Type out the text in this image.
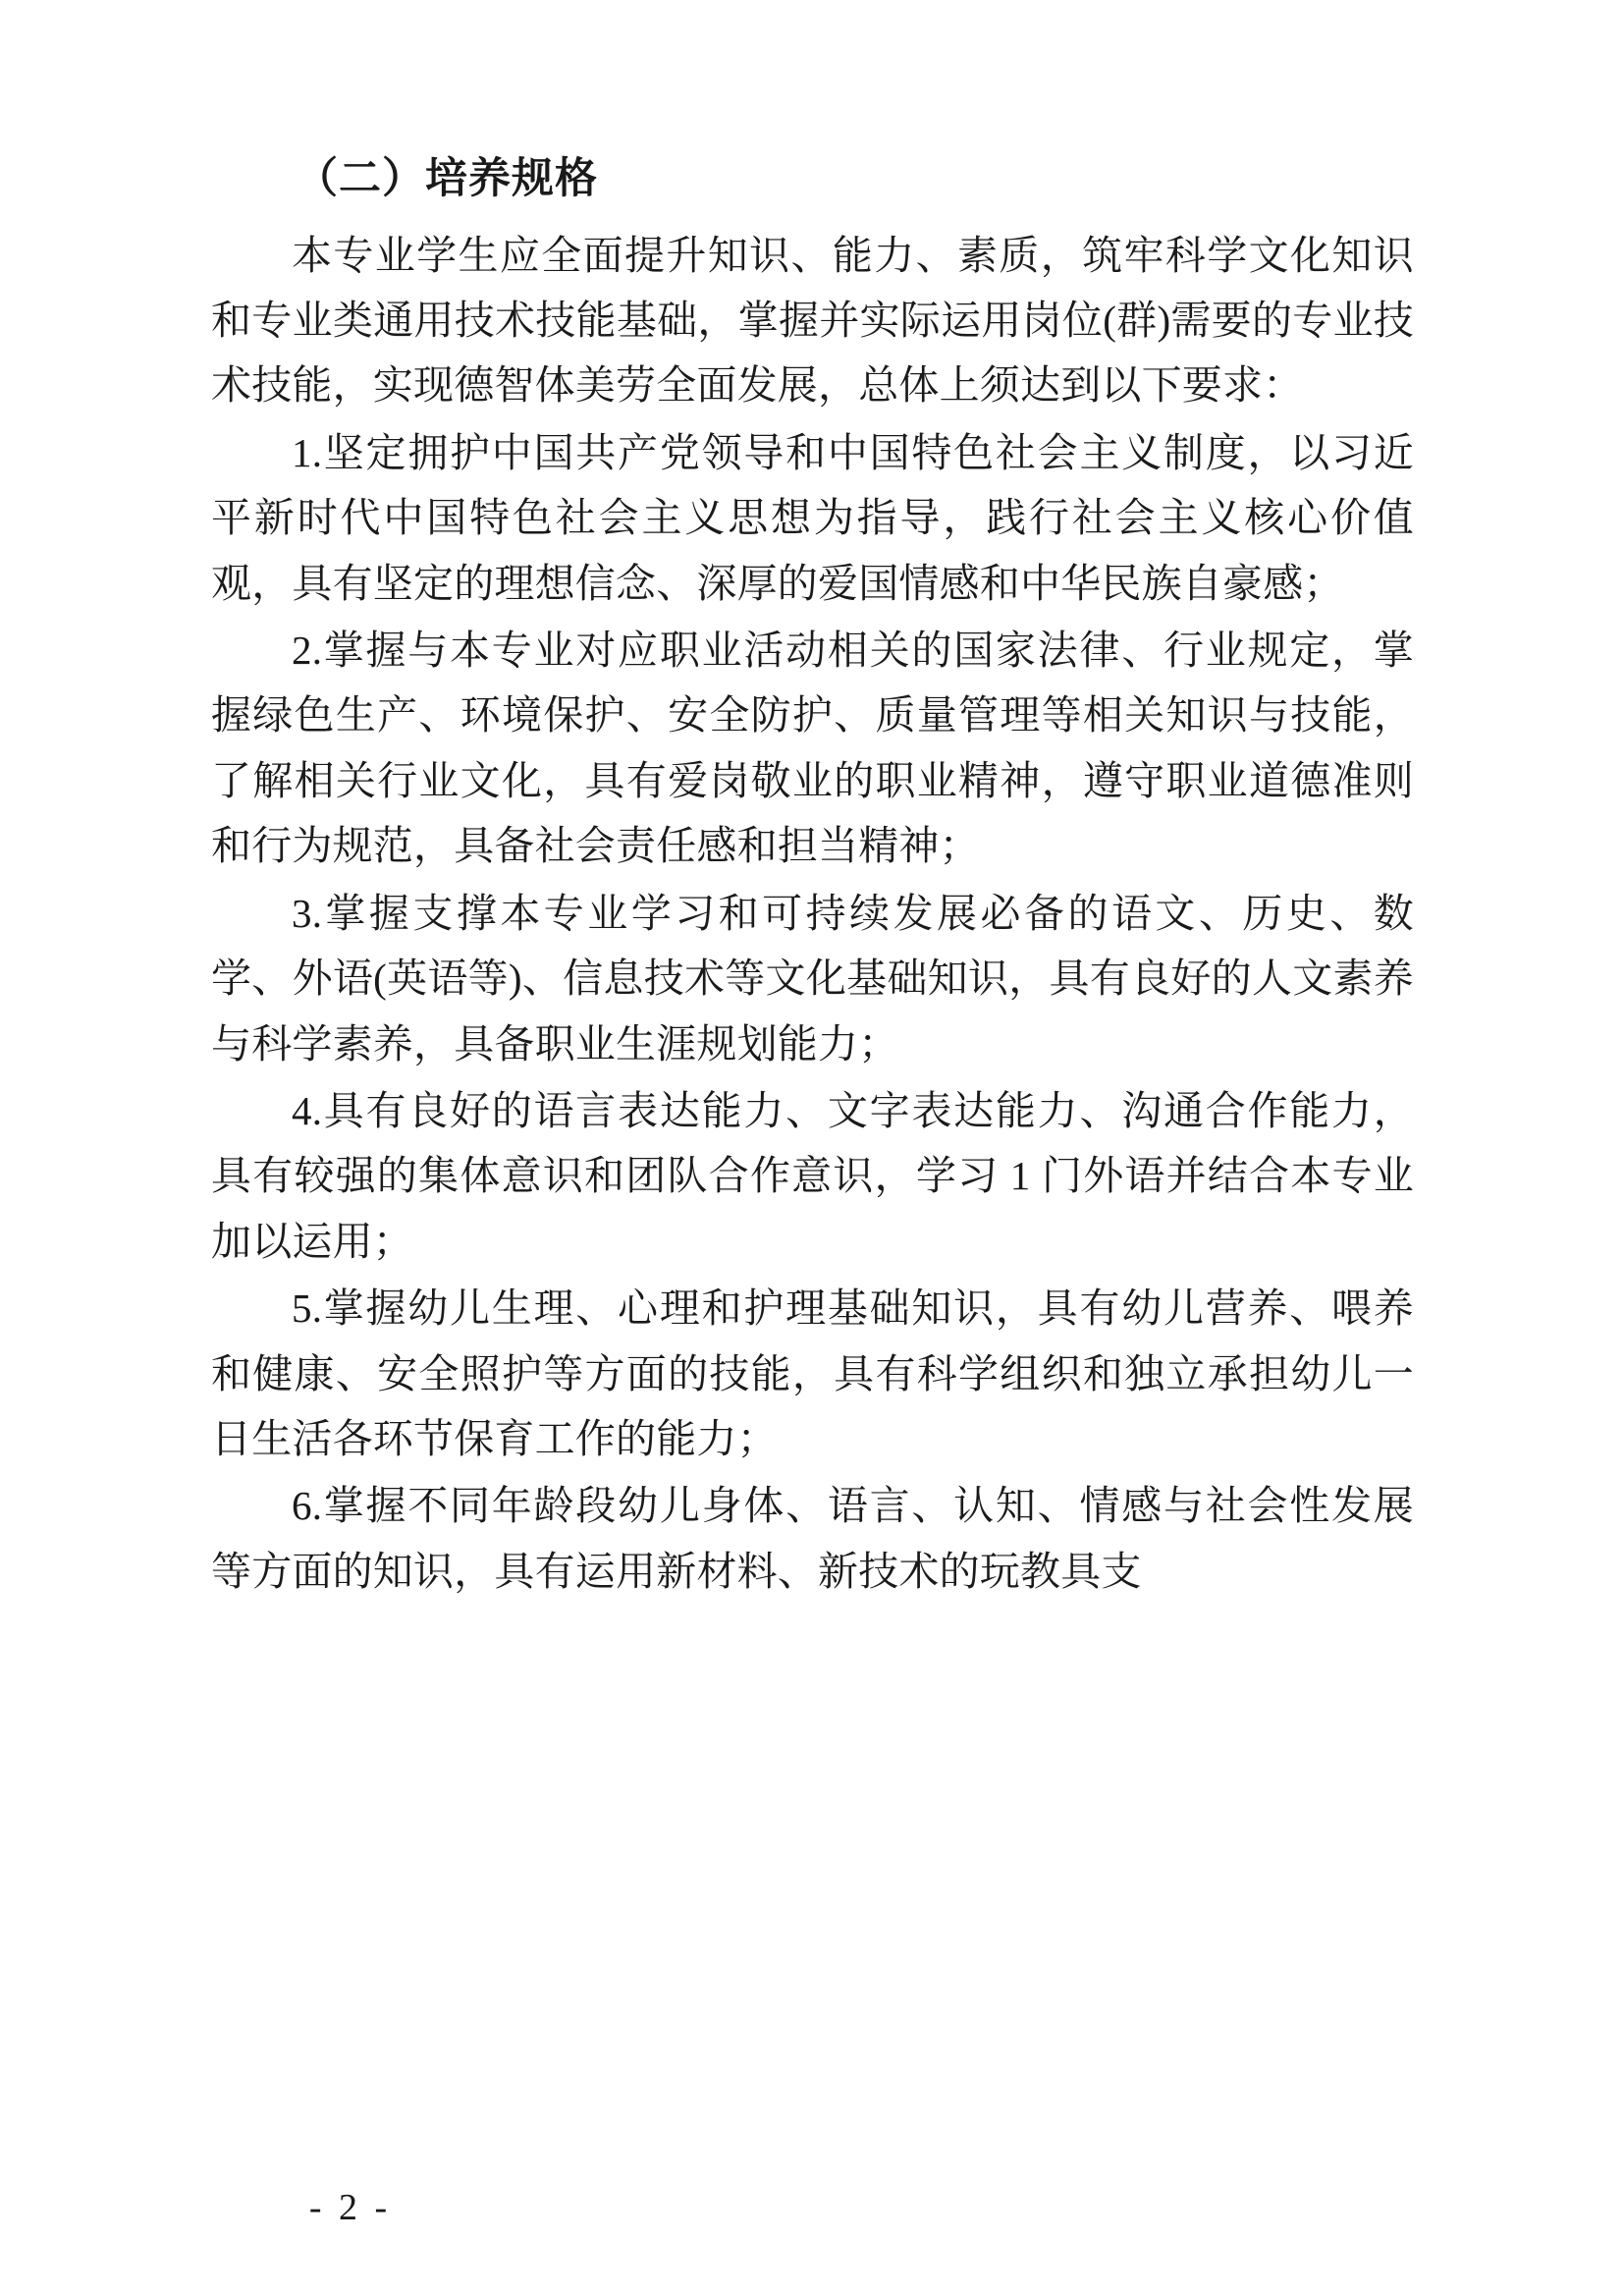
（二）培养规格

本专业学生应全面提升知识、能力、素质，筑牢科学文化知识和专业类通用技术技能基础，掌握并实际运用岗位(群)需要的专业技术技能，实现德智体美劳全面发展，总体上须达到以下要求：

1.坚定拥护中国共产党领导和中国特色社会主义制度，以习近平新时代中国特色社会主义思想为指导，践行社会主义核心价值观，具有坚定的理想信念、深厚的爱国情感和中华民族自豪感；

2.掌握与本专业对应职业活动相关的国家法律、行业规定，掌握绿色生产、环境保护、安全防护、质量管理等相关知识与技能，了解相关行业文化，具有爱岗敬业的职业精神，遵守职业道德准则和行为规范，具备社会责任感和担当精神；

3.掌握支撑本专业学习和可持续发展必备的语文、历史、数学、外语(英语等)、信息技术等文化基础知识，具有良好的人文素养与科学素养，具备职业生涯规划能力；

4.具有良好的语言表达能力、文字表达能力、沟通合作能力，具有较强的集体意识和团队合作意识，学习 1 门外语并结合本专业加以运用；

5.掌握幼儿生理、心理和护理基础知识，具有幼儿营养、喂养和健康、安全照护等方面的技能，具有科学组织和独立承担幼儿一日生活各环节保育工作的能力；

6.掌握不同年龄段幼儿身体、语言、认知、情感与社会性发展等方面的知识，具有运用新材料、新技术的玩教具支

- 2 -
